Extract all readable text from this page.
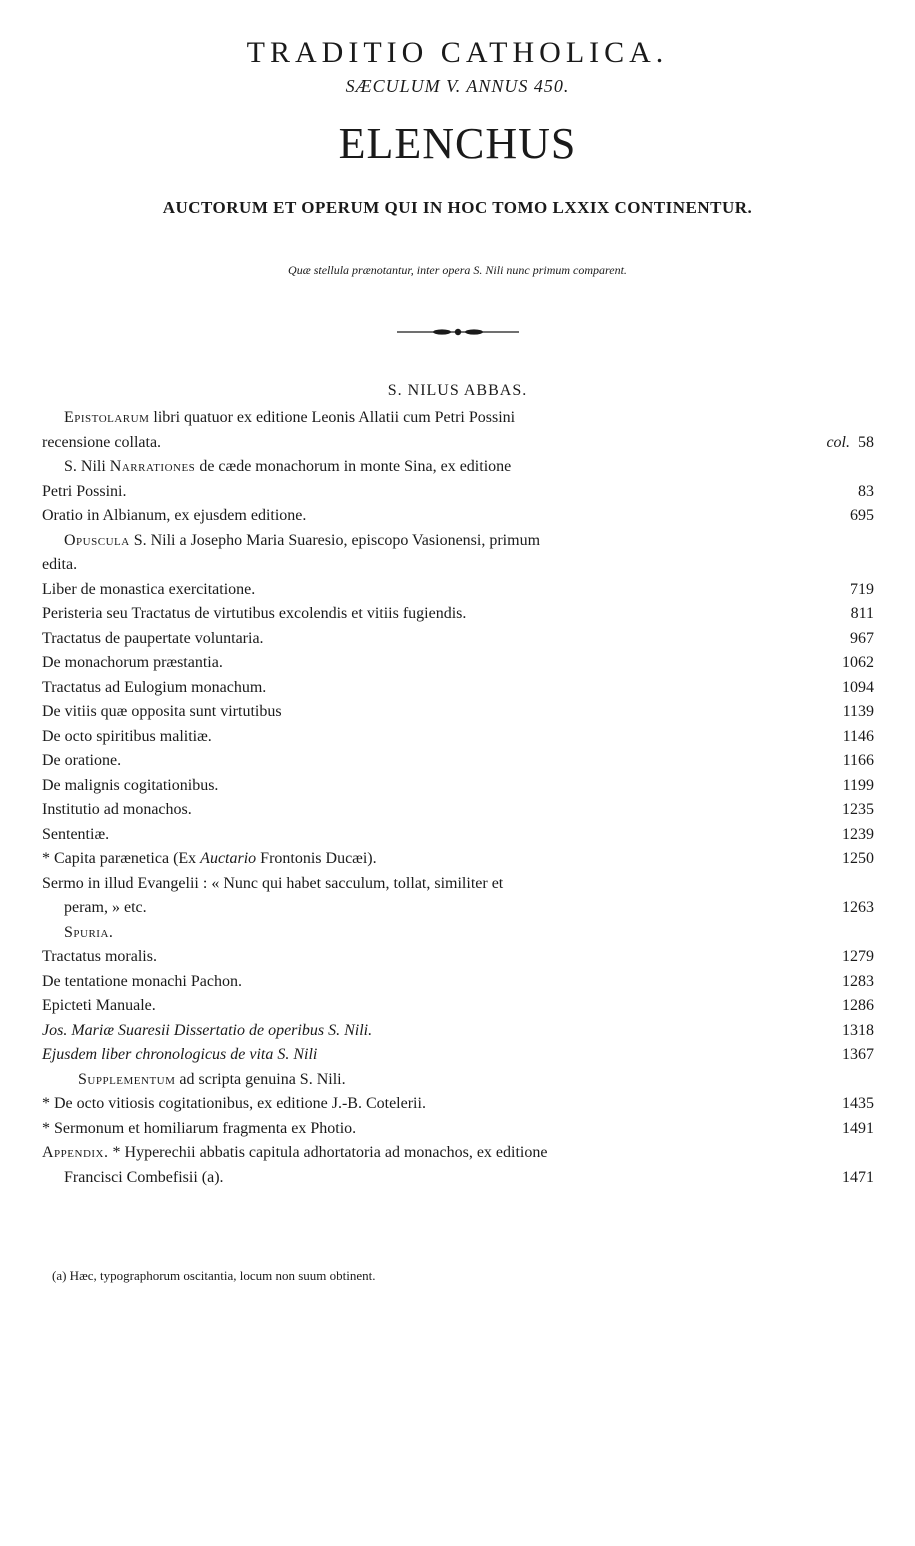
TRADITIO CATHOLICA.
SÆCULUM V. ANNUS 450.
ELENCHUS
AUCTORUM ET OPERUM QUI IN HOC TOMO LXXIX CONTINENTUR.
Quæ stellula prænotantur, inter opera S. Nili nunc primum comparent.
S. NILUS ABBAS.
Epistolarum libri quatuor ex editione Leonis Allatii cum Petri Possini
recensione collata.	col.  58
S. Nili Narrationes de cæde monachorum in monte Sina, ex editione
Petri Possini.	83
Oratio in Albianum, ex ejusdem editione.	695
Opuscula S. Nili a Josepho Maria Suaresio, episcopo Vasionensi, primum
edita.
Liber de monastica exercitatione.	719
Peristeria seu Tractatus de virtutibus excolendis et vitiis fugiendis.	811
Tractatus de paupertate voluntaria.	967
De monachorum præstantia.	1062
Tractatus ad Eulogium monachum.	1094
De vitiis quæ opposita sunt virtutibus	1139
De octo spiritibus malitiæ.	1146
De oratione.	1166
De malignis cogitationibus.	1199
Institutio ad monachos.	1235
Sententiæ.	1239
* Capita parænetica (Ex Auctario Frontonis Ducæi).	1250
Sermo in illud Evangelii : « Nunc qui habet sacculum, tollat, similiter et
peram, » etc.	1263
Spuria.
Tractatus moralis.	1279
De tentatione monachi Pachon.	1283
Epicteti Manuale.	1286
Jos. Mariæ Suaresii Dissertatio de operibus S. Nili.	1318
Ejusdem liber chronologicus de vita S. Nili	1367
Supplementum ad scripta genuina S. Nili.
* De octo vitiosis cogitationibus, ex editione J.-B. Cotelerii.	1435
* Sermonum et homiliarum fragmenta ex Photio.	1491
Appendix. * Hyperechii abbatis capitula adhortatoria ad monachos, ex editione
Francisci Combefisii (a).	1471
(a) Hæc, typographorum oscitantia, locum non suum obtinent.
